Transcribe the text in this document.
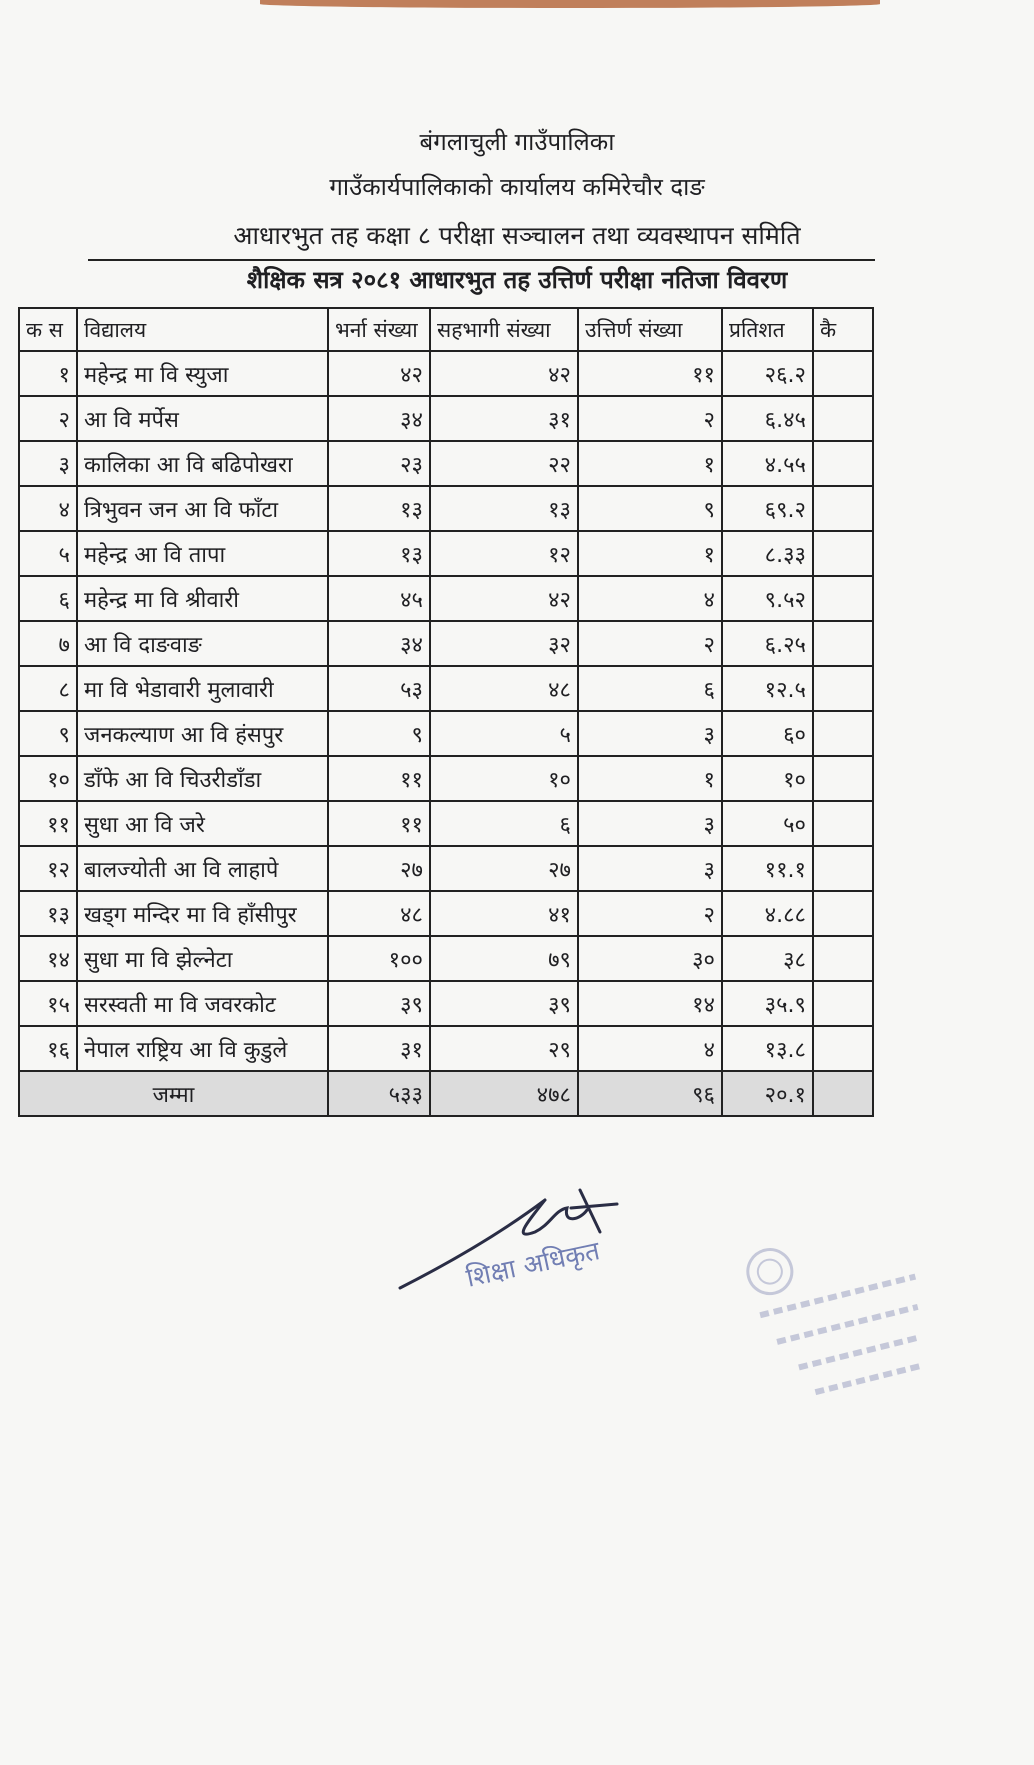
बंगलाचुली गाउँपालिका
गाउँकार्यपालिकाको कार्यालय कमिरेचौर दाङ
आधारभुत तह कक्षा ८ परीक्षा सञ्चालन तथा व्यवस्थापन समिति
शैक्षिक सत्र २०८१ आधारभुत तह उत्तिर्ण परीक्षा नतिजा विवरण
क स	विद्यालय	भर्ना संख्या	सहभागी संख्या	उत्तिर्ण संख्या	प्रतिशत	कै
१	महेन्द्र मा वि स्युजा	४२	४२	११	२६.२	
२	आ वि मर्पेस	३४	३१	२	६.४५	
३	कालिका आ वि बढिपोखरा	२३	२२	१	४.५५	
४	त्रिभुवन जन आ वि फाँटा	१३	१३	९	६९.२	
५	महेन्द्र आ वि तापा	१३	१२	१	८.३३	
६	महेन्द्र मा वि श्रीवारी	४५	४२	४	९.५२	
७	आ वि दाङवाङ	३४	३२	२	६.२५	
८	मा वि भेडावारी मुलावारी	५३	४८	६	१२.५	
९	जनकल्याण आ वि हंसपुर	९	५	३	६०	
१०	डाँफे आ वि चिउरीडाँडा	११	१०	१	१०	
११	सुधा आ वि जरे	११	६	३	५०	
१२	बालज्योती आ वि लाहापे	२७	२७	३	११.१	
१३	खड्ग मन्दिर मा वि हाँसीपुर	४८	४१	२	४.८८	
१४	सुधा मा वि झेल्नेटा	१००	७९	३०	३८	
१५	सरस्वती मा वि जवरकोट	३९	३९	१४	३५.९	
१६	नेपाल राष्ट्रिय आ वि कुडुले	३१	२९	४	१३.८	
जम्मा		५३३	४७८	९६	२०.१	
शिक्षा अधिकृत
